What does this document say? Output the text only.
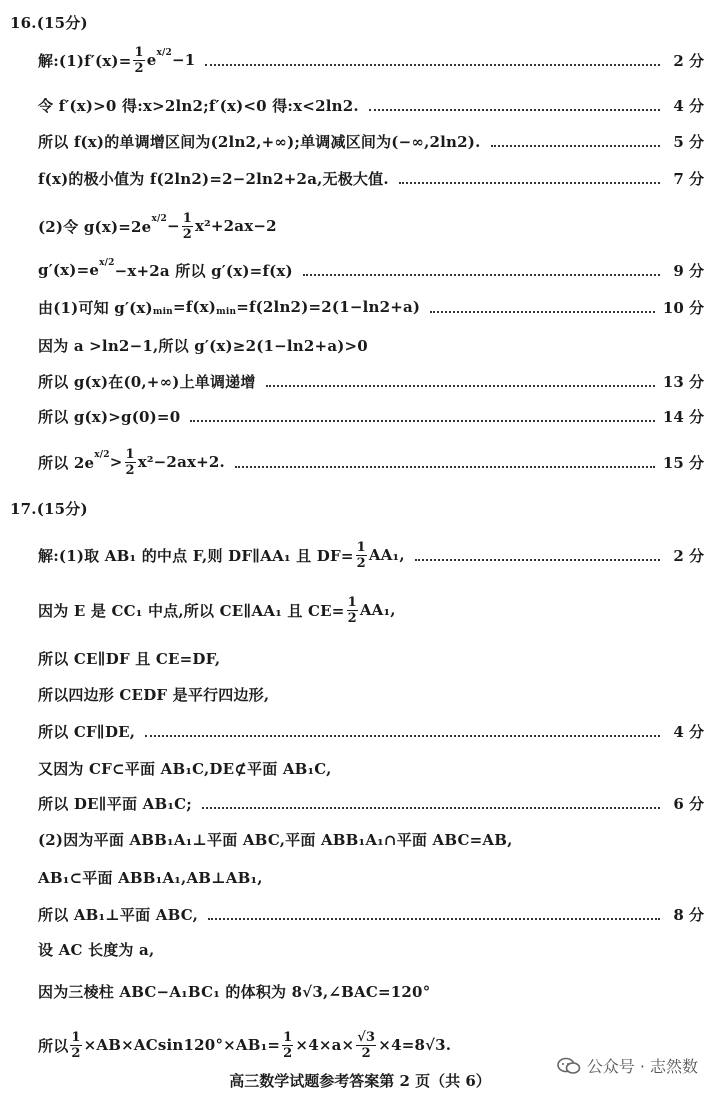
16.(15分)
解:(1)f′(x)= $\frac{1}{2}$ e x/2 −1	2 分
令 f′(x)>0 得:x>2ln2;f′(x)<0 得:x<2ln2.	4 分
所以 f(x)的单调增区间为(2ln2,+∞);单调减区间为(−∞,2ln2).	5 分
f(x)的极小值为 f(2ln2)=2−2ln2+2a,无极大值.	7 分
(2)令 g(x)=2e $x/2 - \frac{1}{2} x^2+2ax-2$
g′(x)=e x/2 −x+2a 所以 g′(x)=f(x)	9 分
由(1)可知 g′(x) min =f(x) min =f(2ln2)=2(1−ln2+a)	10 分
因为 a >ln2−1,所以 g′(x)≥2(1−ln2+a)>0
所以 g(x)在(0,+∞)上单调递增	13 分
所以 g(x)>g(0)=0	14 分
所以 2e $x/2 > \frac{1}{2} x^2-2ax+2$.	15 分
17.(15分)
解:(1)取 AB₁ 的中点 F,则 DF∥AA₁ 且 $DF= \frac{1}{2} AA_1$,	2 分
因为 E 是 CC₁ 中点,所以 CE∥AA₁ 且 $CE= \frac{1}{2} AA_1$,
所以 CE∥DF 且 CE=DF,
所以四边形 CEDF 是平行四边形,
所以 CF∥DE,	4 分
又因为 CF⊂平面 AB₁C,DE⊄平面 AB₁C,
所以 DE∥平面 AB₁C;	6 分
(2)因为平面 ABB₁A₁⊥平面 ABC,平面 ABB₁A₁∩平面 ABC=AB,
AB₁⊂平面 ABB₁A₁,AB⊥AB₁,
所以 AB₁⊥平面 ABC,	8 分
设 AC 长度为 a,
因为三棱柱 ABC−A₁BC₁ 的体积为 8√3,∠BAC=120°
所以 $\frac{1}{2} \times AB\times ACsin120^\circ\times AB_1= \frac{1}{2} \times 4\times a\times \frac{√3}{2} \times 4=8√3$.
公众号 · 志然数
高三数学试题参考答案第 2 页（共 6）
